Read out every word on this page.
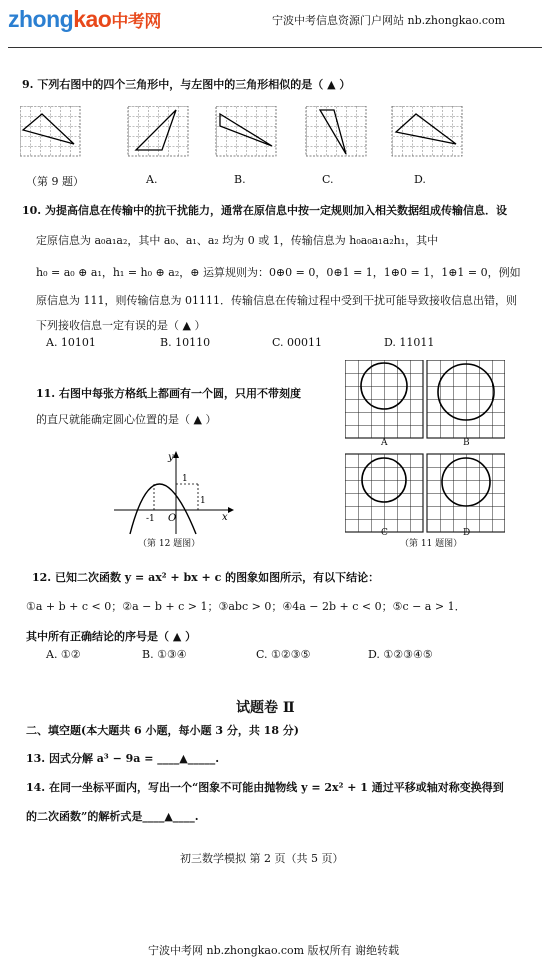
zhongkao中考网	宁波中考信息资源门户网站 nb.zhongkao.com
9. 下列右图中的四个三角形中，与左图中的三角形相似的是（ ▲ ）
（第 9 题）	A.	B.	C.	D.
10. 为提高信息在传输中的抗干扰能力，通常在原信息中按一定规则加入相关数据组成传输信息．设
定原信息为 a₀a₁a₂，其中 a₀、a₁、a₂ 均为 0 或 1，传输信息为 h₀a₀a₁a₂h₁，其中
h₀ = a₀ ⊕ a₁，h₁ = h₀ ⊕ a₂，⊕ 运算规则为：0⊕0 = 0，0⊕1 = 1，1⊕0 = 1，1⊕1 = 0，例如
原信息为 111，则传输信息为 01111．传输信息在传输过程中受到干扰可能导致接收信息出错，则
下列接收信息一定有误的是（ ▲ ）
A. 10101	B. 10110	C. 00011	D. 11011
11. 右图中每张方格纸上都画有一个圆，只用不带刻度
的直尺就能确定圆心位置的是（ ▲ ）
A	B
C	D
（第 11 题图）
y
x
O
-1
1
1
（第 12 题图）
12. 已知二次函数 y = ax² + bx + c 的图象如图所示，有以下结论：
①a + b + c < 0；②a − b + c > 1；③abc > 0；④4a − 2b + c < 0；⑤c − a > 1．
其中所有正确结论的序号是（ ▲ ）
A. ①②	B. ①③④	C. ①②③⑤	D. ①②③④⑤
试题卷 Ⅱ
二、填空题(本大题共 6 小题，每小题 3 分，共 18 分)
13. 因式分解 a³ − 9a = ____▲_____.
14. 在同一坐标平面内，写出一个“图象不可能由抛物线 y = 2x² + 1 通过平移或轴对称变换得到
的二次函数”的解析式是____▲____.
初三数学模拟 第 2 页（共 5 页）
宁波中考网 nb.zhongkao.com 版权所有 谢绝转载
